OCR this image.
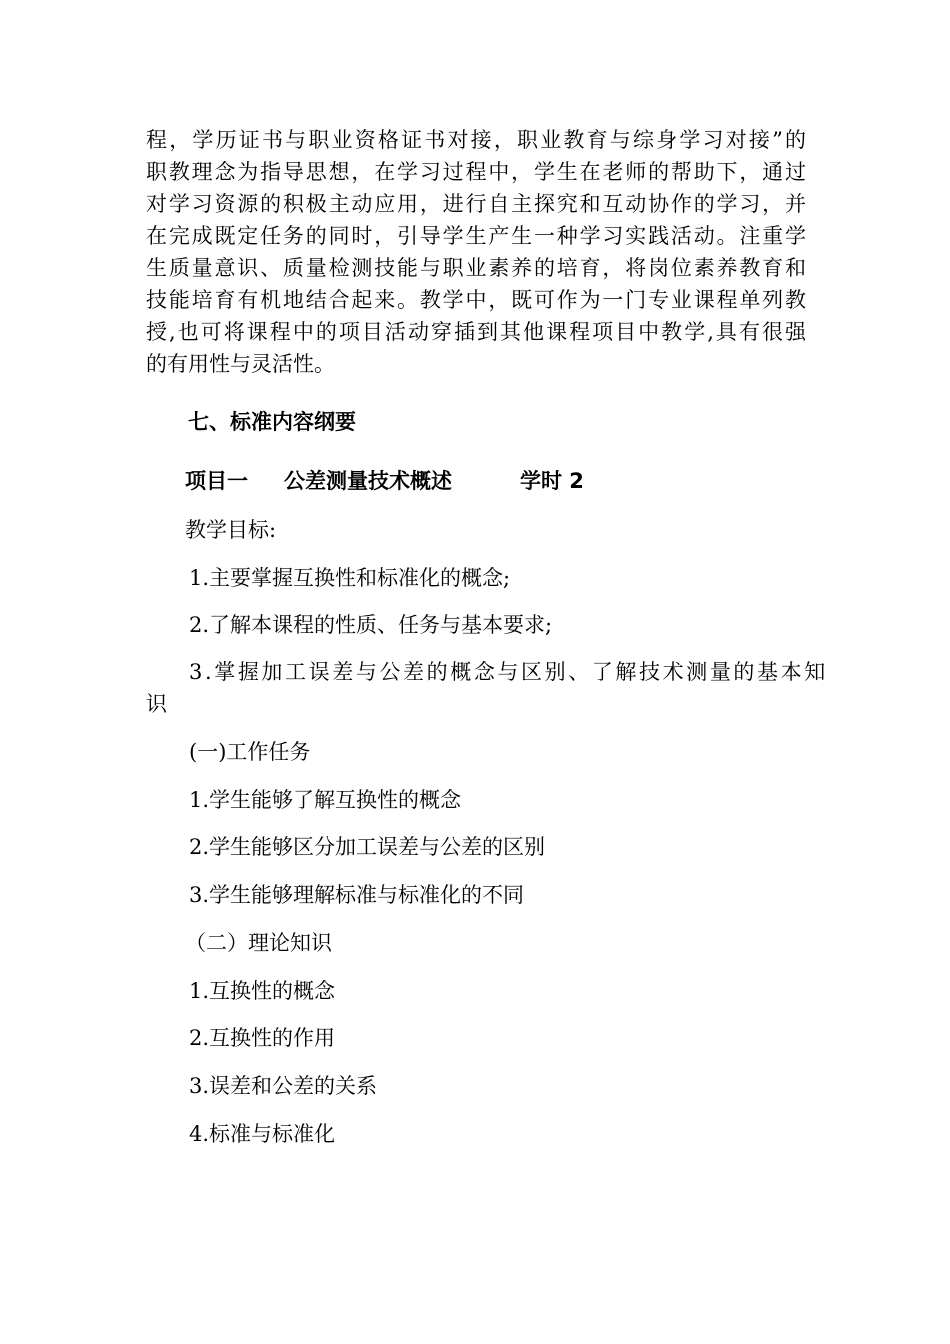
程，学历证书与职业资格证书对接，职业教育与综身学习对接”的
职教理念为指导思想，在学习过程中，学生在老师的帮助下，通过
对学习资源的积极主动应用，进行自主探究和互动协作的学习，并
在完成既定任务的同时，引导学生产生一种学习实践活动。注重学
生质量意识、质量检测技能与职业素养的培育，将岗位素养教育和
技能培育有机地结合起来。教学中，既可作为一门专业课程单列教
授,也可将课程中的项目活动穿插到其他课程项目中教学,具有很强
的有用性与灵活性。
七、标准内容纲要
项目一 公差测量技术概述	学时 2
教学目标:
1.主要掌握互换性和标准化的概念;
2.了解本课程的性质、任务与基本要求;
3.掌握加工误差与公差的概念与区别、了解技术测量的基本知
识
(一)工作任务
1.学生能够了解互换性的概念
2.学生能够区分加工误差与公差的区别
3.学生能够理解标准与标准化的不同
（二）理论知识
1.互换性的概念
2.互换性的作用
3.误差和公差的关系
4.标准与标准化
